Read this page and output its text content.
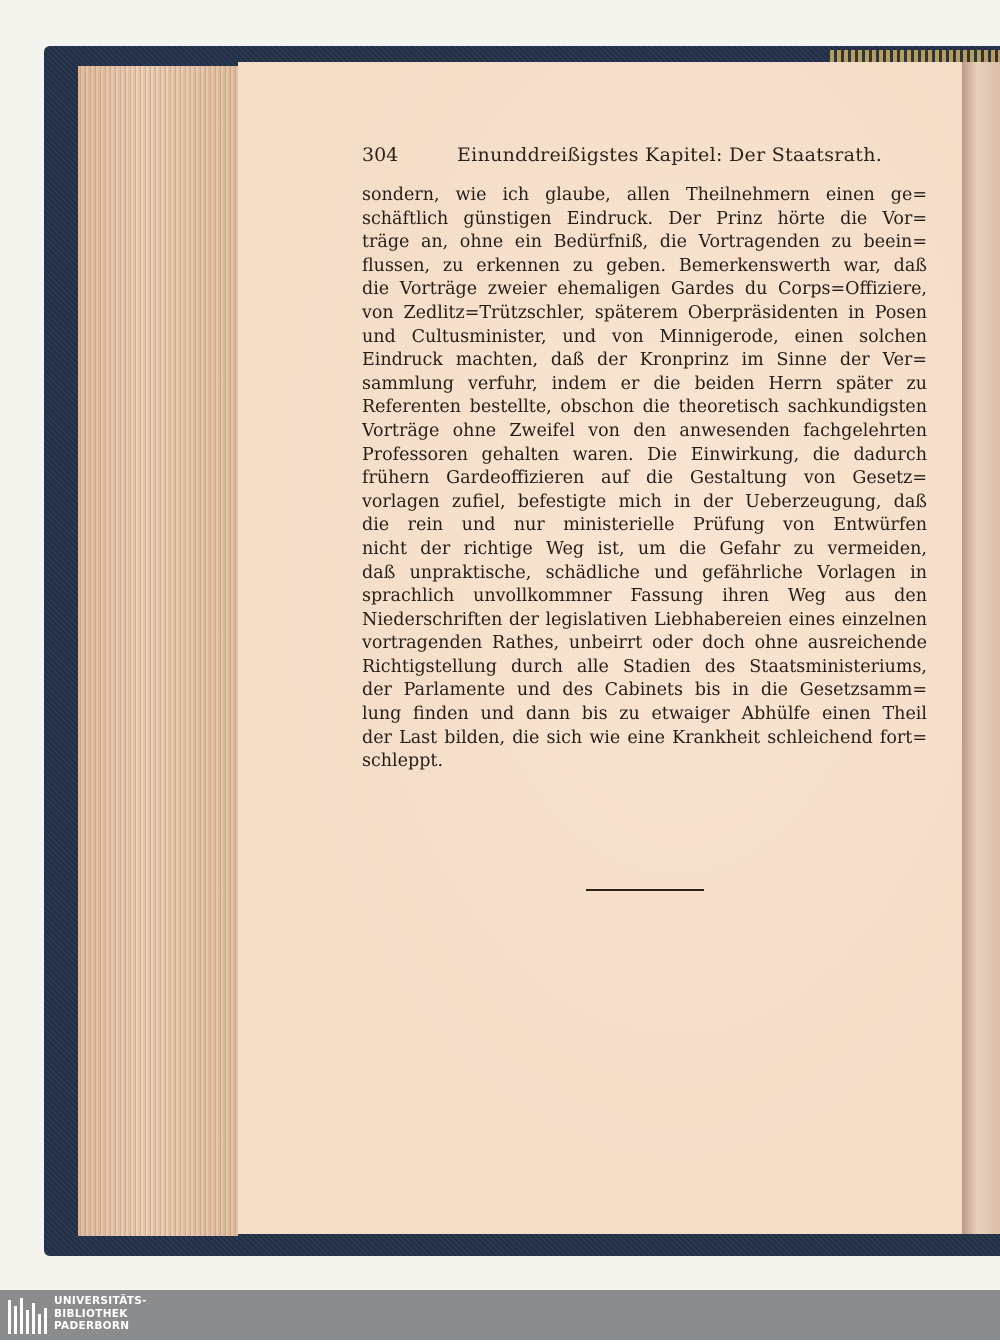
304	Einunddreißigstes Kapitel: Der Staatsrath.
sondern, wie ich glaube, allen Theilnehmern einen ge=
schäftlich günstigen Eindruck. Der Prinz hörte die Vor=
träge an, ohne ein Bedürfniß, die Vortragenden zu beein=
flussen, zu erkennen zu geben. Bemerkenswerth war, daß
die Vorträge zweier ehemaligen Gardes du Corps=Offiziere,
von Zedlitz=Trützschler, späterem Oberpräsidenten in Posen
und Cultusminister, und von Minnigerode, einen solchen
Eindruck machten, daß der Kronprinz im Sinne der Ver=
sammlung verfuhr, indem er die beiden Herrn später zu
Referenten bestellte, obschon die theoretisch sachkundigsten
Vorträge ohne Zweifel von den anwesenden fachgelehrten
Professoren gehalten waren. Die Einwirkung, die dadurch
frühern Gardeoffizieren auf die Gestaltung von Gesetz=
vorlagen zufiel, befestigte mich in der Ueberzeugung, daß
die rein und nur ministerielle Prüfung von Entwürfen
nicht der richtige Weg ist, um die Gefahr zu vermeiden,
daß unpraktische, schädliche und gefährliche Vorlagen in
sprachlich unvollkommner Fassung ihren Weg aus den
Niederschriften der legislativen Liebhabereien eines einzelnen
vortragenden Rathes, unbeirrt oder doch ohne ausreichende
Richtigstellung durch alle Stadien des Staatsministeriums,
der Parlamente und des Cabinets bis in die Gesetzsamm=
lung finden und dann bis zu etwaiger Abhülfe einen Theil
der Last bilden, die sich wie eine Krankheit schleichend fort=
schleppt.
UNIVERSITÄTS-
BIBLIOTHEK
PADERBORN
